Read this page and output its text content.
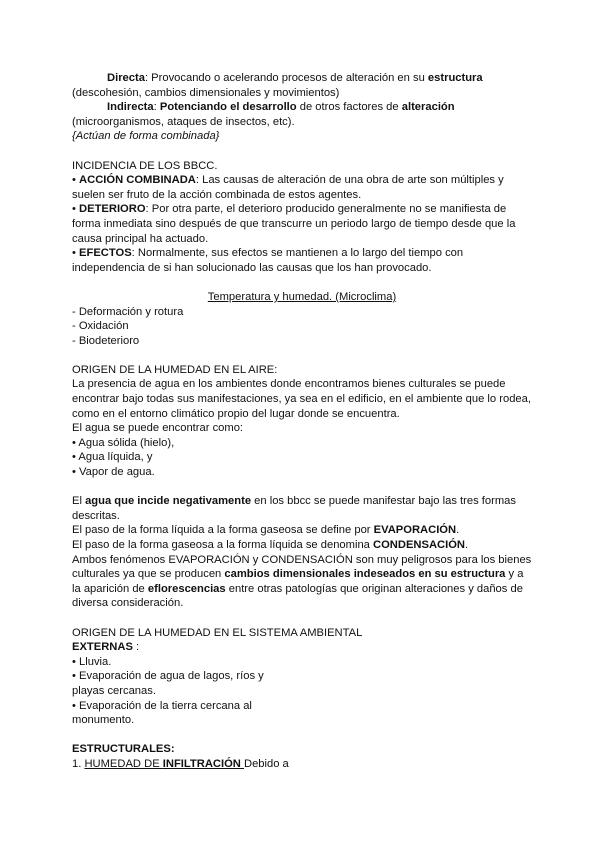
Directa: Provocando o acelerando procesos de alteración en su estructura

(descohesión, cambios dimensionales y movimientos)

Indirecta: Potenciando el desarrollo de otros factores de alteración

(microorganismos, ataques de insectos, etc).

{Actúan de forma combinada}

INCIDENCIA DE LOS BBCC.

• ACCIÓN COMBINADA: Las causas de alteración de una obra de arte son múltiples y suelen ser fruto de la acción combinada de estos agentes.

• DETERIORO: Por otra parte, el deterioro producido generalmente no se manifiesta de forma inmediata sino después de que transcurre un periodo largo de tiempo desde que la causa principal ha actuado.

• EFECTOS: Normalmente, sus efectos se mantienen a lo largo del tiempo con independencia de si han solucionado las causas que los han provocado.

Temperatura y humedad. (Microclima)

- Deformación y rotura

- Oxidación

- Biodeterioro

ORIGEN DE LA HUMEDAD EN EL AIRE:

La presencia de agua en los ambientes donde encontramos bienes culturales se puede encontrar bajo todas sus manifestaciones, ya sea en el edificio, en el ambiente que lo rodea, como en el entorno climático propio del lugar donde se encuentra.

El agua se puede encontrar como:

• Agua sólida (hielo),

• Agua líquida, y

• Vapor de agua.

El agua que incide negativamente en los bbcc se puede manifestar bajo las tres formas descritas.

El paso de la forma líquida a la forma gaseosa se define por EVAPORACIÓN.

El paso de la forma gaseosa a la forma líquida se denomina CONDENSACIÓN.

Ambos fenómenos EVAPORACIÓN y CONDENSACIÓN son muy peligrosos para los bienes culturales ya que se producen cambios dimensionales indeseados en su estructura y a la aparición de eflorescencias entre otras patologías que originan alteraciones y daños de diversa consideración.

ORIGEN DE LA HUMEDAD EN EL SISTEMA AMBIENTAL

EXTERNAS :

• Lluvia.

• Evaporación de agua de lagos, ríos y playas cercanas.

• Evaporación de la tierra cercana al monumento.

ESTRUCTURALES:

1. HUMEDAD DE INFILTRACIÓN Debido a
